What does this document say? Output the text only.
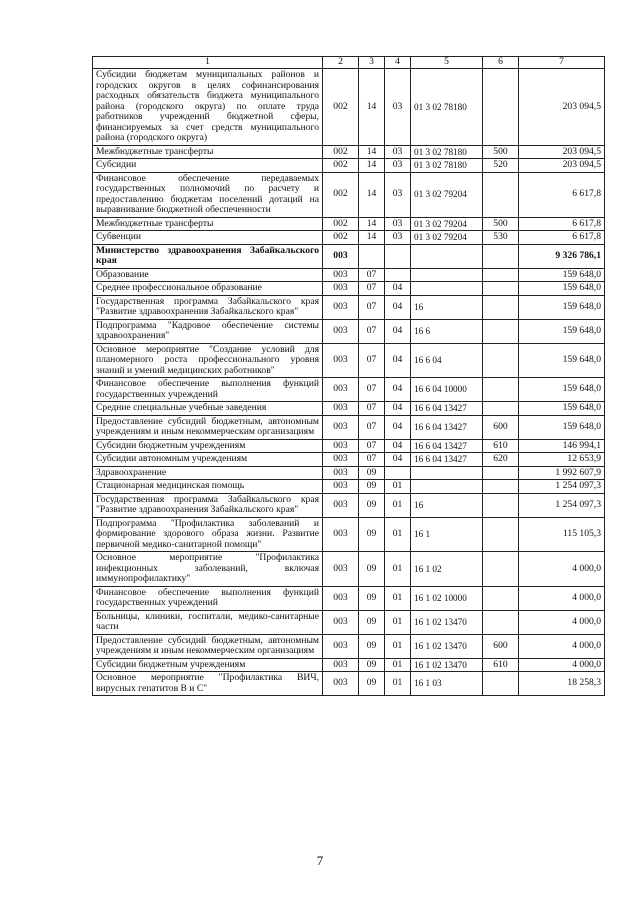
1	2	3	4	5	6	7
Субсидии бюджетам муниципальных районов и городских округов в целях софинансирования расходных обязательств бюджета муниципального района (городского округа) по оплате труда работников учреждений бюджетной сферы, финансируемых за счет средств муниципального района (городского округа)	002	14	03	01 3 02 78180		203 094,5
Межбюджетные трансферты	002	14	03	01 3 02 78180	500	203 094,5
Субсидии	002	14	03	01 3 02 78180	520	203 094,5
Финансовое обеспечение передаваемых государственных полномочий по расчету и предоставлению бюджетам поселений дотаций на выравнивание бюджетной обеспеченности	002	14	03	01 3 02 79204		6 617,8
Межбюджетные трансферты	002	14	03	01 3 02 79204	500	6 617,8
Субвенции	002	14	03	01 3 02 79204	530	6 617,8
Министерство здравоохранения Забайкальского края	003					9 326 786,1
Образование	003	07				159 648,0
Среднее профессиональное образование	003	07	04			159 648,0
Государственная программа Забайкальского края "Развитие здравоохранения Забайкальского края"	003	07	04	16		159 648,0
Подпрограмма "Кадровое обеспечение системы здравоохранения"	003	07	04	16 6		159 648,0
Основное мероприятие "Создание условий для планомерного роста профессионального уровня знаний и умений медицинских работников"	003	07	04	16 6 04		159 648,0
Финансовое обеспечение выполнения функций государственных учреждений	003	07	04	16 6 04 10000		159 648,0
Средние специальные учебные заведения	003	07	04	16 6 04 13427		159 648,0
Предоставление субсидий бюджетным, автономным учреждениям и иным некоммерческим организациям	003	07	04	16 6 04 13427	600	159 648,0
Субсидии бюджетным учреждениям	003	07	04	16 6 04 13427	610	146 994,1
Субсидии автономным учреждениям	003	07	04	16 6 04 13427	620	12 653,9
Здравоохранение	003	09				1 992 607,9
Стационарная медицинская помощь	003	09	01			1 254 097,3
Государственная программа Забайкальского края "Развитие здравоохранения Забайкальского края"	003	09	01	16		1 254 097,3
Подпрограмма "Профилактика заболеваний и формирование здорового образа жизни. Развитие первичной медико-санитарной помощи"	003	09	01	16 1		115 105,3
Основное мероприятие "Профилактика инфекционных заболеваний, включая иммунопрофилактику"	003	09	01	16 1 02		4 000,0
Финансовое обеспечение выполнения функций государственных учреждений	003	09	01	16 1 02 10000		4 000,0
Больницы, клиники, госпитали, медико-санитарные части	003	09	01	16 1 02 13470		4 000,0
Предоставление субсидий бюджетным, автономным учреждениям и иным некоммерческим организациям	003	09	01	16 1 02 13470	600	4 000,0
Субсидии бюджетным учреждениям	003	09	01	16 1 02 13470	610	4 000,0
Основное мероприятие "Профилактика ВИЧ, вирусных гепатитов В и С"	003	09	01	16 1 03		18 258,3
7
